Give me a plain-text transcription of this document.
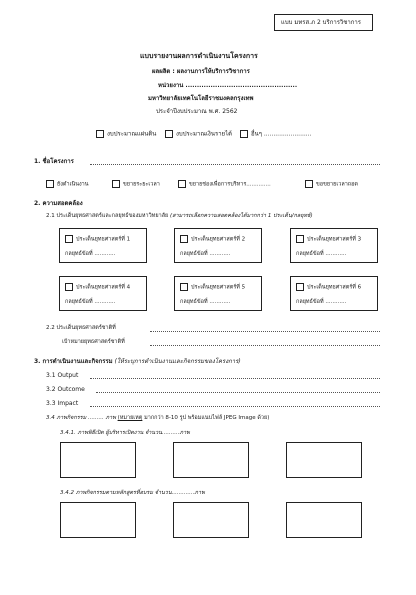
แบบ มทรส.ภ 2 บริการวิชาการ
แบบรายงานผลการดำเนินงานโครงการ
ผลผลิต : ผลงานการให้บริการวิชาการ
หน่วยงาน .................................................
มหาวิทยาลัยเทคโนโลยีราชมงคลกรุงเทพ
ประจำปีงบประมาณ พ.ศ. 2562
งบประมาณแผ่นดิน	งบประมาณเงินรายได้	อื่นๆ .........................
1. ชื่อโครงการ
ยังดำเนินงาน	ขยายระยะเวลา	ขยายช่องเพื่อการบริหาร..............	ขอขยายเวลาถอด
2. ความสอดคล้อง
2.1 ประเด็นยุทธศาสตร์และกลยุทธ์ของมหาวิทยาลัย (สามารถเลือกความสอดคล้องได้มากกว่า 1 ประเด็น/กลยุทธ์)
ประเด็นยุทธศาสตร์ที่ 1
กลยุทธ์ข้อที่ ............
ประเด็นยุทธศาสตร์ที่ 2
กลยุทธ์ข้อที่ ............
ประเด็นยุทธศาสตร์ที่ 3
กลยุทธ์ข้อที่ ............
ประเด็นยุทธศาสตร์ที่ 4
กลยุทธ์ข้อที่ ............
ประเด็นยุทธศาสตร์ที่ 5
กลยุทธ์ข้อที่ ............
ประเด็นยุทธศาสตร์ที่ 6
กลยุทธ์ข้อที่ ............
2.2 ประเด็นยุทธศาสตร์ชาติที่
เป้าหมายยุทธศาสตร์ชาติที่
3. การดำเนินงานและกิจกรรม (ให้ระบุการดำเนินงานและกิจกรรมของโครงการ)
3.1 Output
3.2 Outcome
3.3 Impact
3.4 ภาพกิจกรรม ......... ภาพ (หมายเหตุ มากกว่า 8-10 รูป พร้อมแนบไฟล์ JPEG Image ด้วย)
3.4.1. ภาพพิธีเปิด ผู้บริหารเปิดงาน จำนวน..........ภาพ
3.4.2 ภาพกิจกรรมตามหลักสูตรที่อบรม จำนวน.............ภาพ
